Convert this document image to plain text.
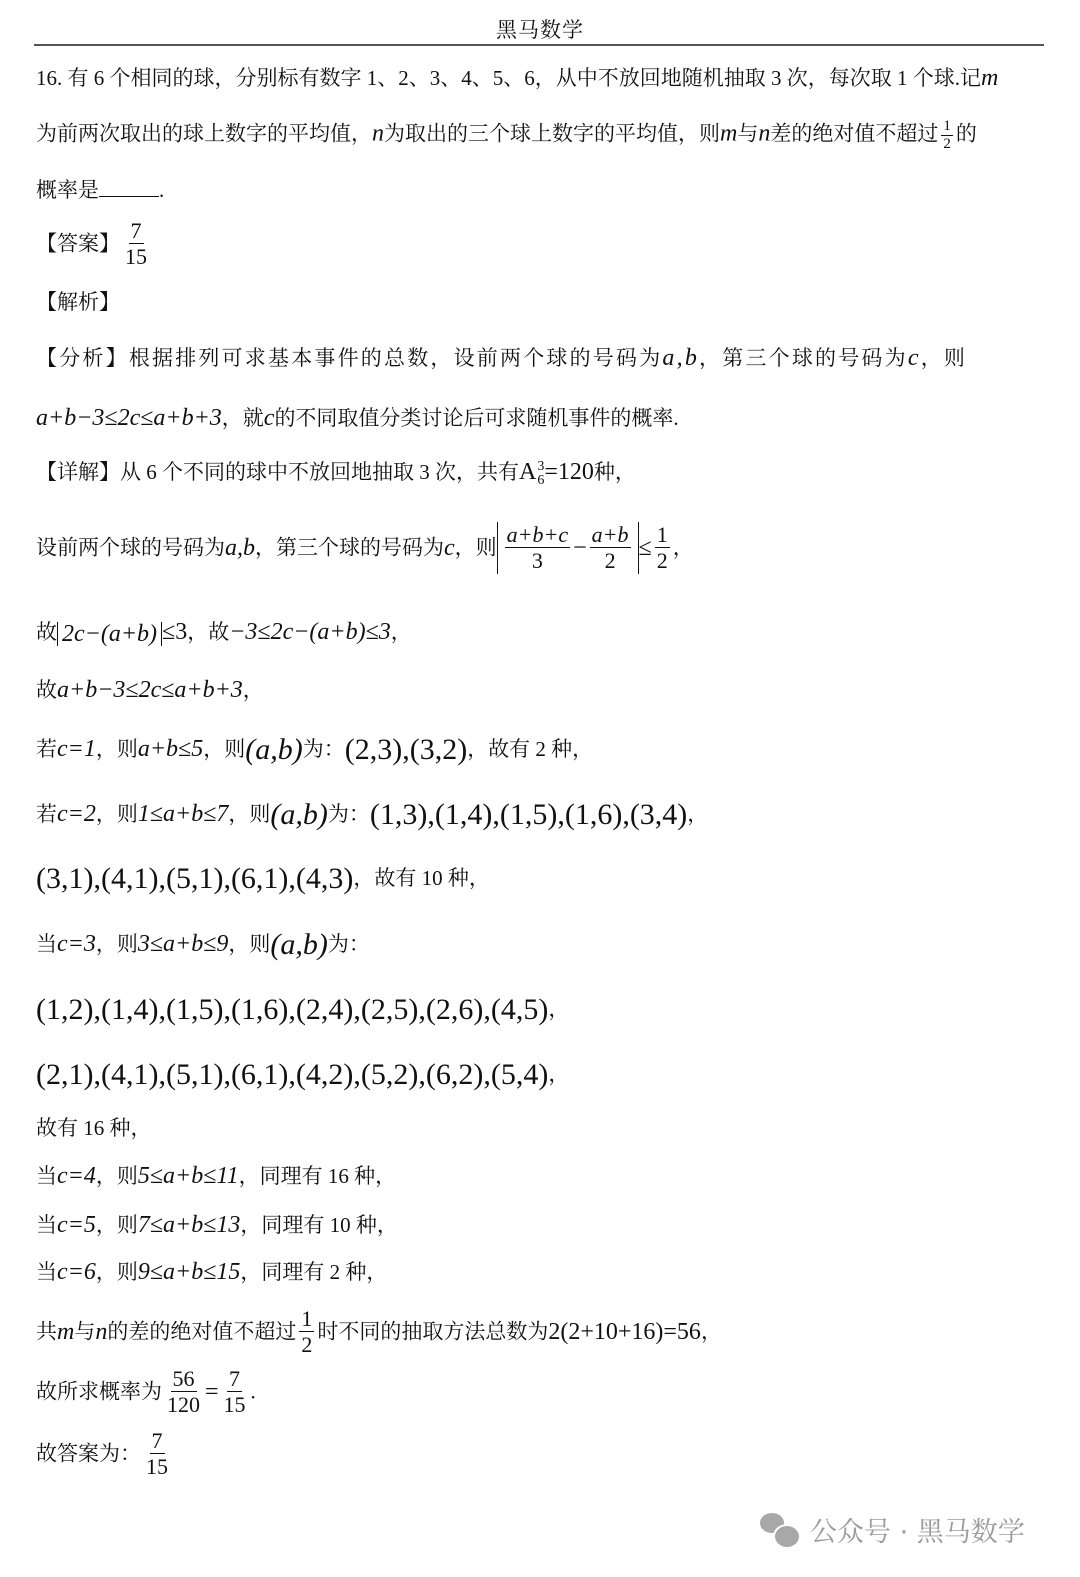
黑马数学
16. 有 6 个相同的球，分别标有数字 1、2、3、4、5、6，从中不放回地随机抽取 3 次，每次取 1 个球.记m
为前两次取出的球上数字的平均值，n为取出的三个球上数字的平均值，则m与n差的绝对值不超过 $\frac{1}{2}$ 的
概率是	.
【答案】 $\frac{7}{15}$
【解析】
【分析】根据排列可求基本事件的总数，设前两个球的号码为a,b，第三个球的号码为c，则
a+b−3≤2c≤a+b+3，就c的不同取值分类讨论后可求随机事件的概率.
【详解】从 6 个不同的球中不放回地抽取 3 次，共有A 3
6 =120种，
设前两个球的号码为a,b，第三个球的号码为c，则 $\frac{a+b+c}{3} - \frac{a+b}{2} \le \frac{1}{2}$ ，
故 2c−(a+b) ≤3，故−3≤2c−(a+b)≤3，
故a+b−3≤2c≤a+b+3，
若c=1，则a+b≤5，则(a,b)为：(2,3),(3,2)，故有 2 种，
若c=2，则1≤a+b≤7，则(a,b)为：(1,3),(1,4),(1,5),(1,6),(3,4)，
(3,1),(4,1),(5,1),(6,1),(4,3)，故有 10 种，
当c=3，则3≤a+b≤9，则(a,b)为：
(1,2),(1,4),(1,5),(1,6),(2,4),(2,5),(2,6),(4,5)，
(2,1),(4,1),(5,1),(6,1),(4,2),(5,2),(6,2),(5,4)，
故有 16 种，
当c=4，则5≤a+b≤11，同理有 16 种，
当c=5，则7≤a+b≤13，同理有 10 种，
当c=6，则9≤a+b≤15，同理有 2 种，
共m与n的差的绝对值不超过 $\frac{1}{2}$ 时不同的抽取方法总数为2(2+10+16)=56，
故所求概率为 $\frac{56}{120} = \frac{7}{15}$ .
故答案为： $\frac{7}{15}$
公众号 · 黑马数学
